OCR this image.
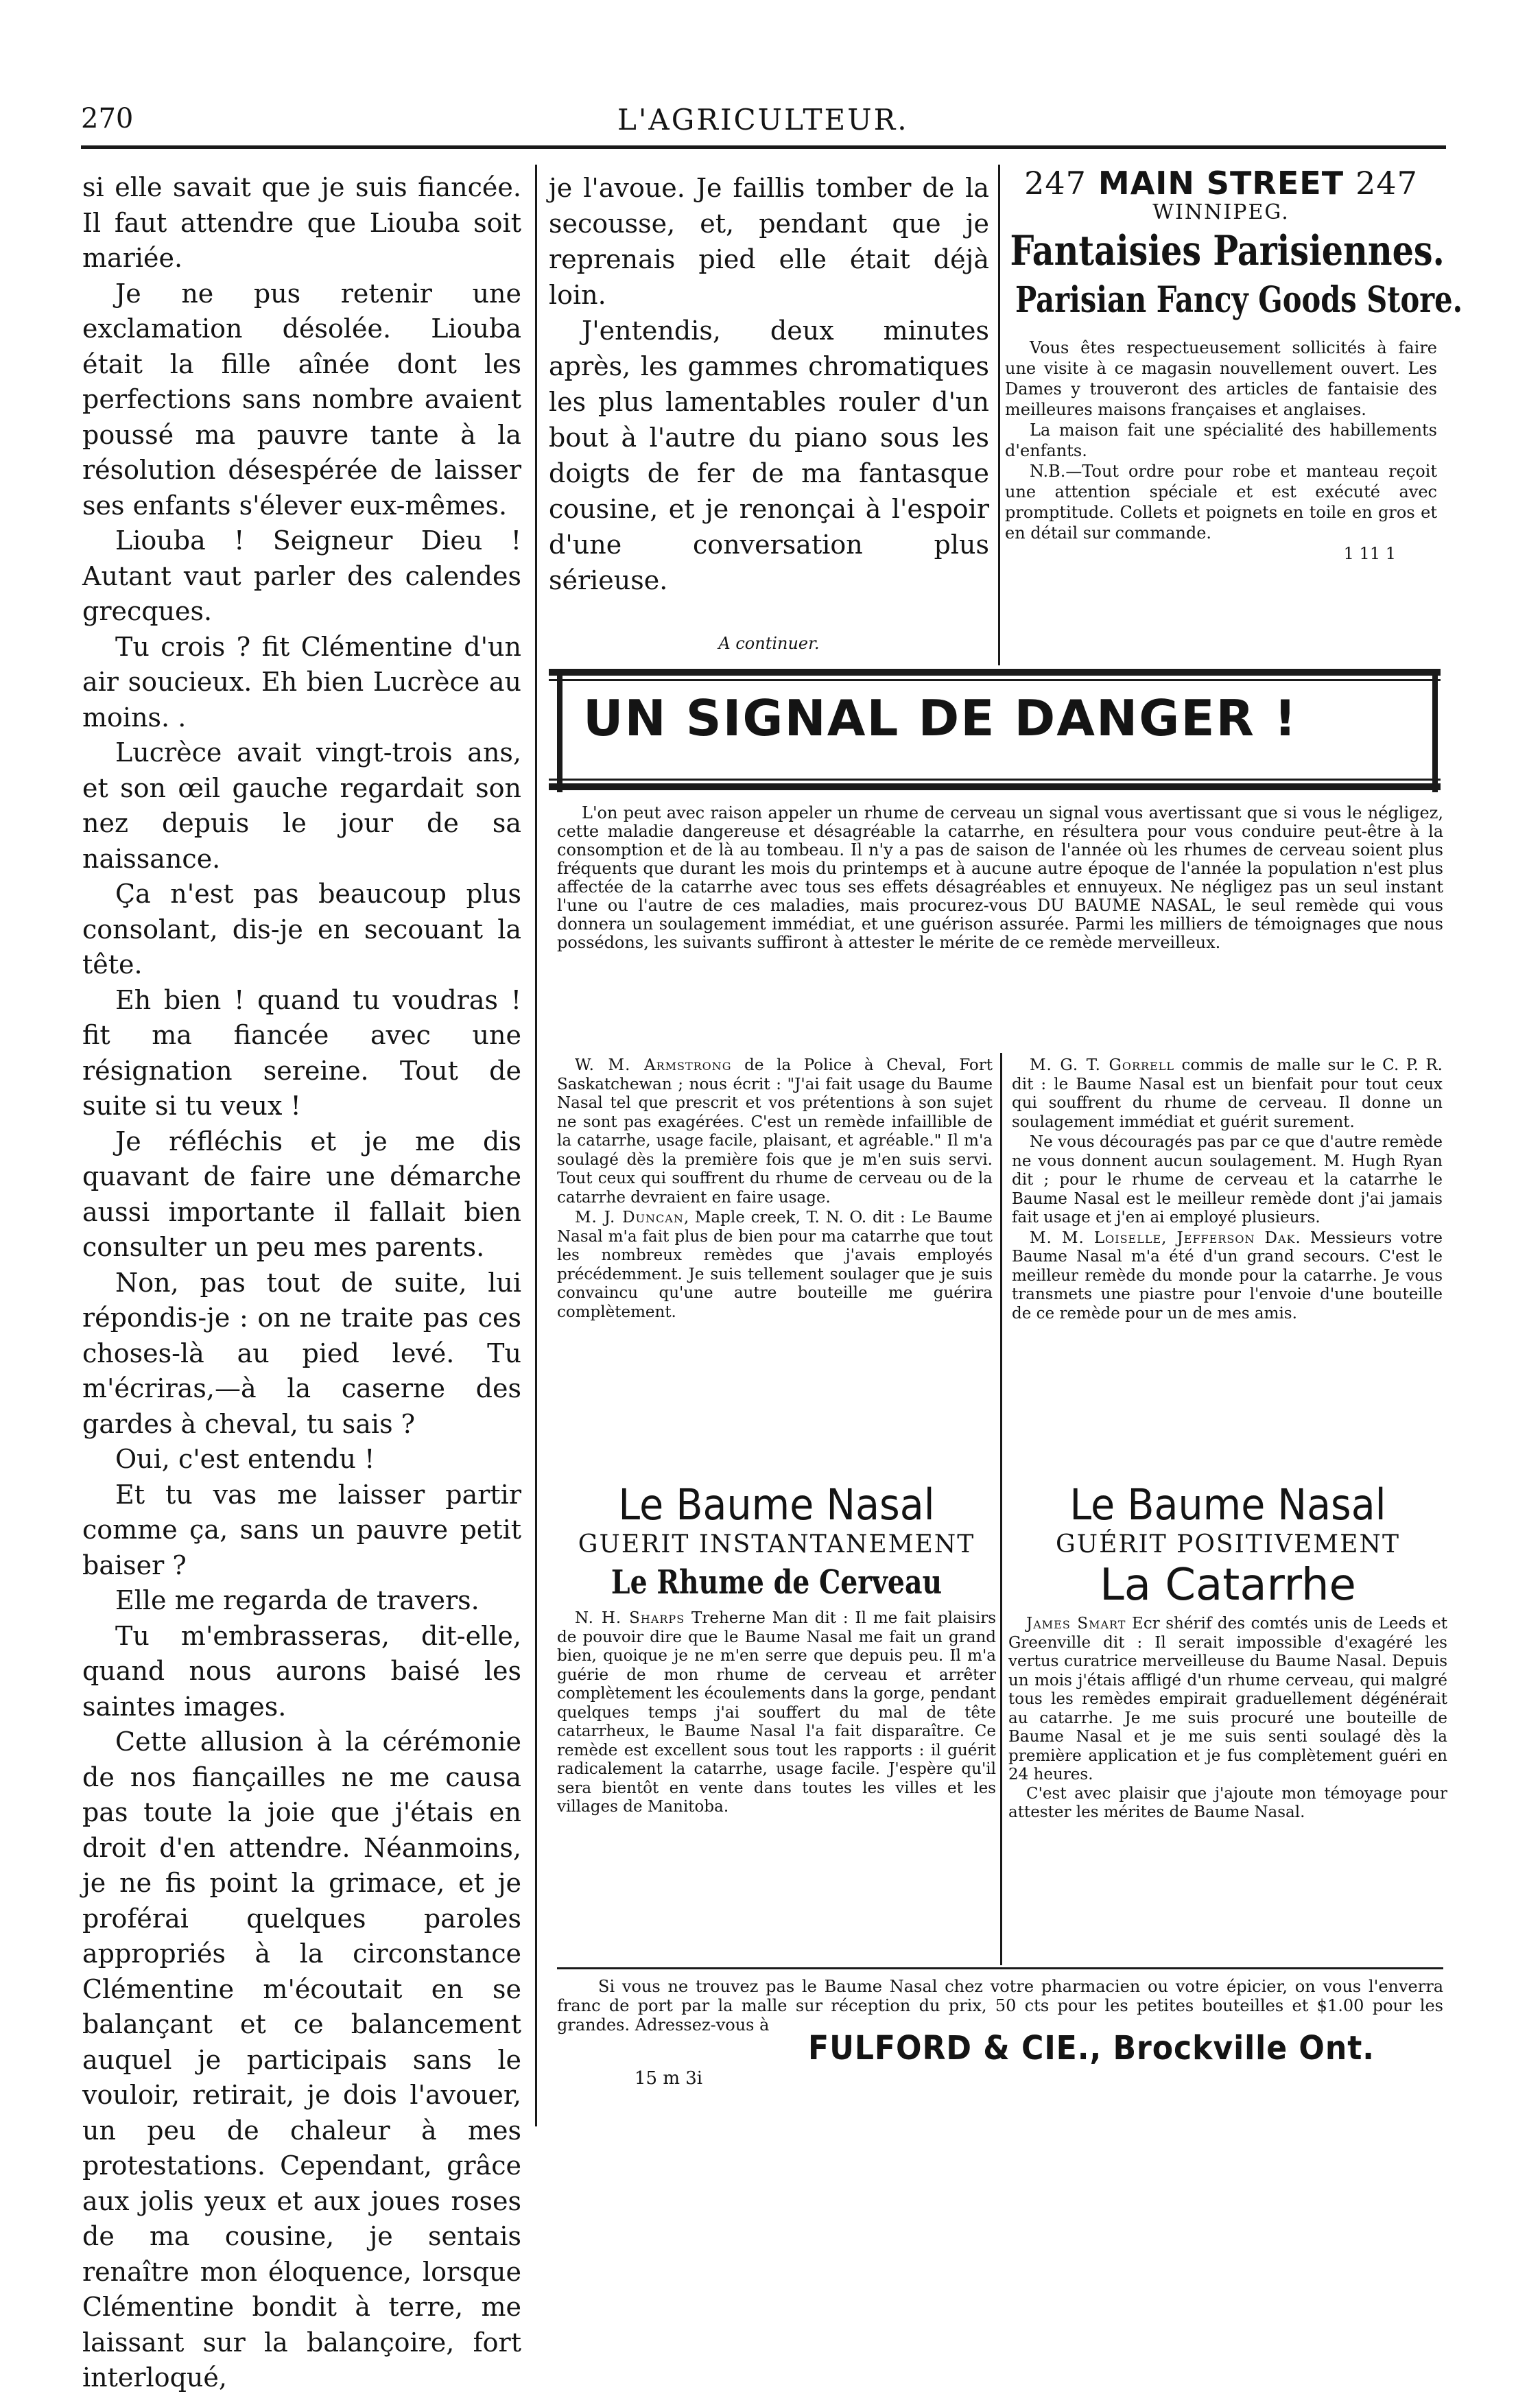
270	L'AGRICULTEUR.

si elle savait que je suis fiancée. Il faut attendre que Liouba soit mariée.

Je ne pus retenir une exclamation désolée. Liouba était la fille aînée dont les perfections sans nombre avaient poussé ma pauvre tante à la résolution désespérée de laisser ses enfants s'élever eux-mêmes.

Liouba ! Seigneur Dieu ! Autant vaut parler des calendes grecques.

Tu crois ? fit Clémentine d'un air soucieux. Eh bien Lucrèce au moins. .

Lucrèce avait vingt-trois ans, et son œil gauche regardait son nez depuis le jour de sa naissance.

Ça n'est pas beaucoup plus consolant, dis-je en secouant la tête.

Eh bien ! quand tu voudras ! fit ma fiancée avec une résignation sereine. Tout de suite si tu veux !

Je réfléchis et je me dis quavant de faire une démarche aussi importante il fallait bien consulter un peu mes parents.

Non, pas tout de suite, lui répondis-je : on ne traite pas ces choses-là au pied levé. Tu m'écriras,—à la caserne des gardes à cheval, tu sais ?

Oui, c'est entendu !

Et tu vas me laisser partir comme ça, sans un pauvre petit baiser ?

Elle me regarda de travers.

Tu m'embrasseras, dit-elle, quand nous aurons baisé les saintes images.

Cette allusion à la cérémonie de nos fiançailles ne me causa pas toute la joie que j'étais en droit d'en attendre. Néanmoins, je ne fis point la grimace, et je proférai quelques paroles appropriés à la circonstance Clémentine m'écoutait en se balançant et ce balancement auquel je participais sans le vouloir, retirait, je dois l'avouer, un peu de chaleur à mes protestations. Cependant, grâce aux jolis yeux et aux joues roses de ma cousine, je sentais renaître mon éloquence, lorsque Clémentine bondit à terre, me laissant sur la balançoire, fort interloqué,

je l'avoue. Je faillis tomber de la secousse, et, pendant que je reprenais pied elle était déjà loin.

J'entendis, deux minutes après, les gammes chromatiques les plus lamentables rouler d'un bout à l'autre du piano sous les doigts de fer de ma fantasque cousine, et je renonçai à l'espoir d'une conversation plus sérieuse.

A continuer.

247 MAIN STREET 247
WINNIPEG.
Fantaisies Parisiennes.
Parisian Fancy Goods Store.

Vous êtes respectueusement sollicités à faire une visite à ce magasin nouvellement ouvert. Les Dames y trouveront des articles de fantaisie des meilleures maisons françaises et anglaises.

La maison fait une spécialité des habillements d'enfants.

N.B.—Tout ordre pour robe et manteau reçoit une attention spéciale et est exécuté avec promptitude. Collets et poignets en toile en gros et en détail sur commande.

1 11 1

UN SIGNAL DE DANGER !

L'on peut avec raison appeler un rhume de cerveau un signal vous avertissant que si vous le négligez, cette maladie dangereuse et désagréable la catarrhe, en résultera pour vous conduire peut-être à la consomption et de là au tombeau. Il n'y a pas de saison de l'année où les rhumes de cerveau soient plus fréquents que durant les mois du printemps et à aucune autre époque de l'année la population n'est plus affectée de la catarrhe avec tous ses effets désagréables et ennuyeux. Ne négligez pas un seul instant l'une ou l'autre de ces maladies, mais procurez-vous DU BAUME NASAL, le seul remède qui vous donnera un soulagement immédiat, et une guérison assurée. Parmi les milliers de témoignages que nous possédons, les suivants suffiront à attester le mérite de ce remède merveilleux.

W. M. Armstrong de la Police à Cheval, Fort Saskatchewan ; nous écrit : "J'ai fait usage du Baume Nasal tel que prescrit et vos prétentions à son sujet ne sont pas exagérées. C'est un remède infaillible de la catarrhe, usage facile, plaisant, et agréable." Il m'a soulagé dès la première fois que je m'en suis servi. Tout ceux qui souffrent du rhume de cerveau ou de la catarrhe devraient en faire usage.

M. J. Duncan, Maple creek, T. N. O. dit : Le Baume Nasal m'a fait plus de bien pour ma catarrhe que tout les nombreux remèdes que j'avais employés précédemment. Je suis tellement soulager que je suis convaincu qu'une autre bouteille me guérira complètement.

M. G. T. Gorrell commis de malle sur le C. P. R. dit : le Baume Nasal est un bienfait pour tout ceux qui souffrent du rhume de cerveau. Il donne un soulagement immédiat et guérit surement.

Ne vous découragés pas par ce que d'autre remède ne vous donnent aucun soulagement. M. Hugh Ryan dit ; pour le rhume de cerveau et la catarrhe le Baume Nasal est le meilleur remède dont j'ai jamais fait usage et j'en ai employé plusieurs.

M. M. Loiselle, Jefferson Dak. Messieurs votre Baume Nasal m'a été d'un grand secours. C'est le meilleur remède du monde pour la catarrhe. Je vous transmets une piastre pour l'envoie d'une bouteille de ce remède pour un de mes amis.

Le Baume Nasal
GUERIT INSTANTANEMENT
Le Rhume de Cerveau

N. H. Sharps Treherne Man dit : Il me fait plaisirs de pouvoir dire que le Baume Nasal me fait un grand bien, quoique je ne m'en serre que depuis peu. Il m'a guérie de mon rhume de cerveau et arrêter complètement les écoulements dans la gorge, pendant quelques temps j'ai souffert du mal de tête catarrheux, le Baume Nasal l'a fait disparaître. Ce remède est excellent sous tout les rapports : il guérit radicalement la catarrhe, usage facile. J'espère qu'il sera bientôt en vente dans toutes les villes et les villages de Manitoba.

Le Baume Nasal
GUÉRIT POSITIVEMENT
La Catarrhe

James Smart Ecr shérif des comtés unis de Leeds et Greenville dit : Il serait impossible d'exagéré les vertus curatrice merveilleuse du Baume Nasal. Depuis un mois j'étais affligé d'un rhume cerveau, qui malgré tous les remèdes empirait graduellement dégénérait au catarrhe. Je me suis procuré une bouteille de Baume Nasal et je me suis senti soulagé dès la première application et je fus complètement guéri en 24 heures.

C'est avec plaisir que j'ajoute mon témoyage pour attester les mérites de Baume Nasal.

Si vous ne trouvez pas le Baume Nasal chez votre pharmacien ou votre épicier, on vous l'enverra franc de port par la malle sur réception du prix, 50 cts pour les petites bouteilles et $1.00 pour les grandes. Adressez-vous à

FULFORD & CIE., Brockville Ont.
15 m 3i
